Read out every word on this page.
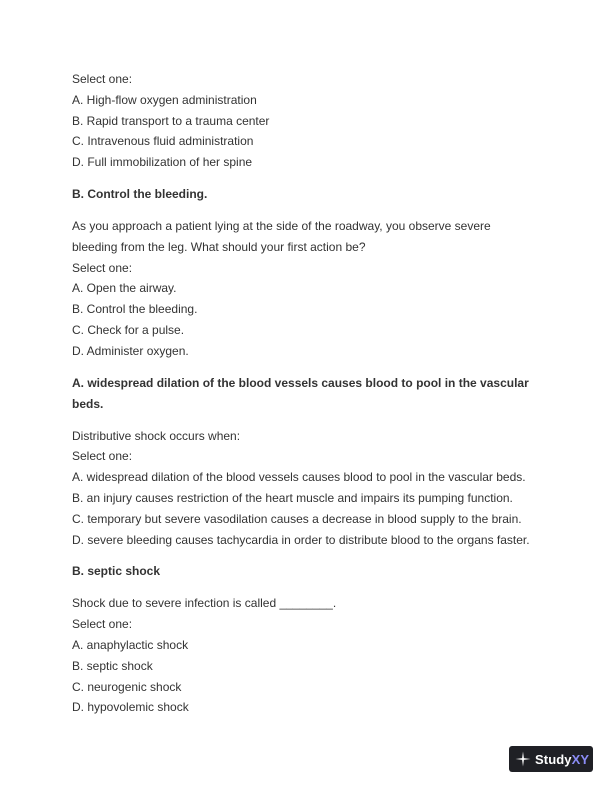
Select one:
A. High-flow oxygen administration
B. Rapid transport to a trauma center
C. Intravenous fluid administration
D. Full immobilization of her spine
B. Control the bleeding.
As you approach a patient lying at the side of the roadway, you observe severe
bleeding from the leg. What should your first action be?
Select one:
A. Open the airway.
B. Control the bleeding.
C. Check for a pulse.
D. Administer oxygen.
A. widespread dilation of the blood vessels causes blood to pool in the vascular
beds.
Distributive shock occurs when:
Select one:
A. widespread dilation of the blood vessels causes blood to pool in the vascular beds.
B. an injury causes restriction of the heart muscle and impairs its pumping function.
C. temporary but severe vasodilation causes a decrease in blood supply to the brain.
D. severe bleeding causes tachycardia in order to distribute blood to the organs faster.
B. septic shock
Shock due to severe infection is called ________.
Select one:
A. anaphylactic shock
B. septic shock
C. neurogenic shock
D. hypovolemic shock
StudyXY
